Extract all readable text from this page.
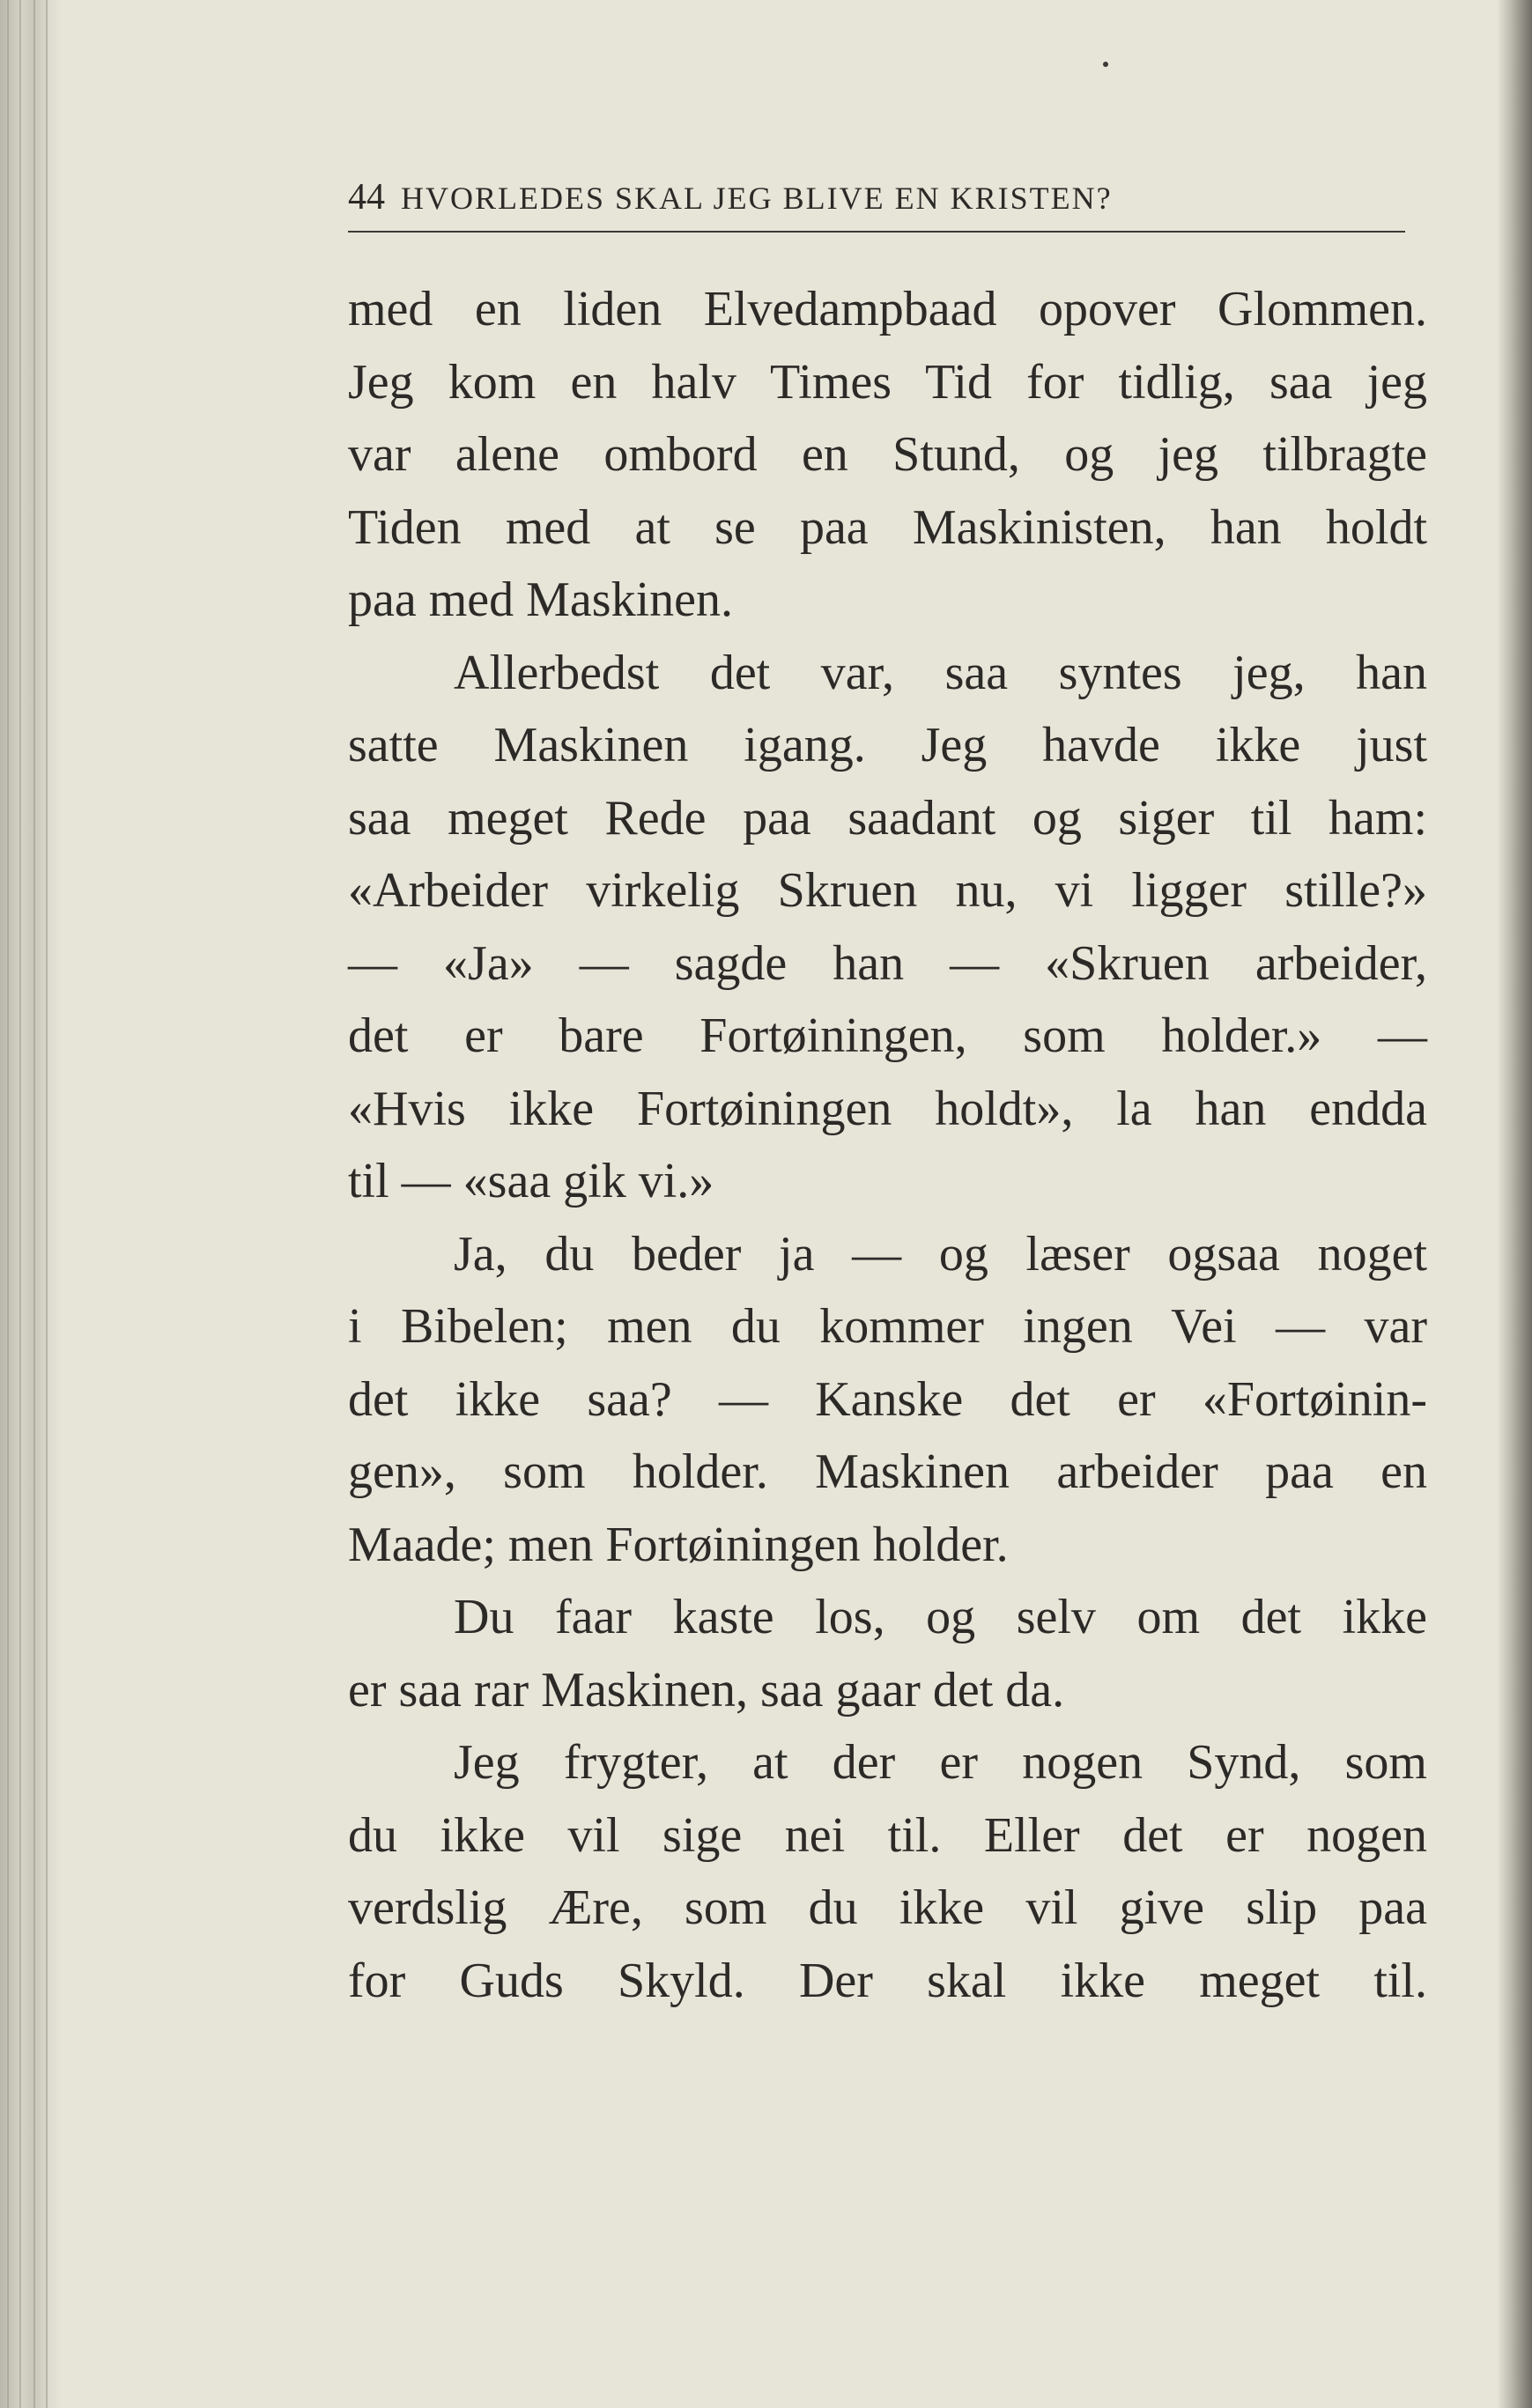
44 HVORLEDES SKAL JEG BLIVE EN KRISTEN?
med en liden Elvedampbaad opover Glommen.
Jeg kom en halv Times Tid for tidlig, saa jeg
var alene ombord en Stund, og jeg tilbragte
Tiden med at se paa Maskinisten, han holdt
paa med Maskinen.
Allerbedst det var, saa syntes jeg, han
satte Maskinen igang. Jeg havde ikke just
saa meget Rede paa saadant og siger til ham:
«Arbeider virkelig Skruen nu, vi ligger stille?»
— «Ja» — sagde han — «Skruen arbeider,
det er bare Fortøiningen, som holder.» —
«Hvis ikke Fortøiningen holdt», la han endda
til — «saa gik vi.»
Ja, du beder ja — og læser ogsaa noget
i Bibelen; men du kommer ingen Vei — var
det ikke saa? — Kanske det er «Fortøinin-
gen», som holder. Maskinen arbeider paa en
Maade; men Fortøiningen holder.
Du faar kaste los, og selv om det ikke
er saa rar Maskinen, saa gaar det da.
Jeg frygter, at der er nogen Synd, som
du ikke vil sige nei til. Eller det er nogen
verdslig Ære, som du ikke vil give slip paa
for Guds Skyld. Der skal ikke meget til.
